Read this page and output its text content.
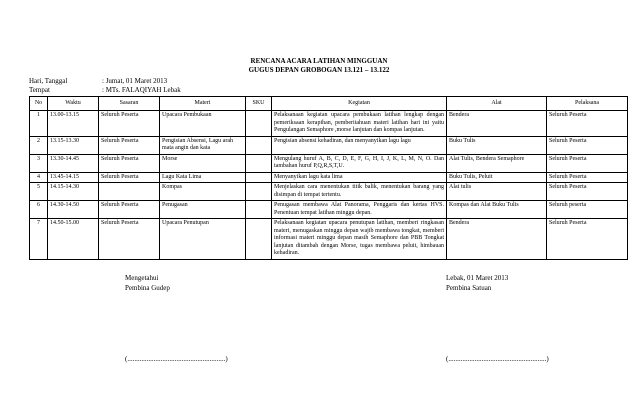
RENCANA ACARA LATIHAN MINGGUAN
GUGUS DEPAN GROBOGAN 13.121 – 13.122
Hari, Tanggal	: Jumat, 01 Maret 2013
Tempat	: MTs. FALAQIYAH Lebak
No	Waktu	Sasaran	Materi	SKU	Kegiatan	Alat	Pelaksana
1	13.00-13.15	Seluruh Peserta	Upacara Pembukaan		Pelaksanaan kegiatan upacara pembukaan latihan lengkap dengan pemeriksaan kerapihan, pemberitahuan materi latihan hari ini yaitu Pengulangan Semaphore ,morse lanjutan dan kompas lanjutan.	Bendera	Seluruh Peserta
2	13.15-13.30	Seluruh Peserta	Pengisian Absensi, Lagu arah mata angin dan kata		Pengisian absensi kehadiran, dan menyanyikan lagu lagu	Buku Tulis	Seluruh Peserta
3	13.30-14.45	Seluruh Peserta	Morse		Mengulang huruf A, B, C, D, E, F, G, H, I, J, K, L, M, N, O. Dan tambahan huruf P,Q,R,S,T,U.	Alat Tulis, Bendera Semaphore	Seluruh Peserta
4	13.45-14.15	Seluruh Peserta	Lagu Kata Lima		Menyanyikan lagu kata lima	Buku Tulis, Peluit	Seluruh Peserta
5	14.15-14.30		Kompas		Menjelaskan cara menentukan titik balik, menentukan barang yang disimpan di tempat tertentu.	Alat tulis	Seluruh Peserta
6	14.30-14.50	Seluruh Peserta	Penugasan		Penugasan membawa Alat Panorama, Penggaris dan kertas HVS. Penentuan tempat latihan minggu depan.	Kompas dan Alat Buku Tulis	Seluruh peserta
7	14.50-15.00	Seluruh Peserta	Upacara Penutupan		Pelaksanaan kegiatan upacara penutupan latihan, memberi ringkasan materi, menugaskan minggu depan wajib membawa tongkat, memberi informasi materi minggu depan masih Semaphore dan PBB Tongkat lanjutan ditambah dengan Morse, tugas membawa peluit, himbauan kehadiran.	Bendera	Seluruh Peserta
Mengetahui
Pembina Gudep
(........................................................)
Lebak, 01 Maret 2013
Pembina Satuan
(........................................................)
